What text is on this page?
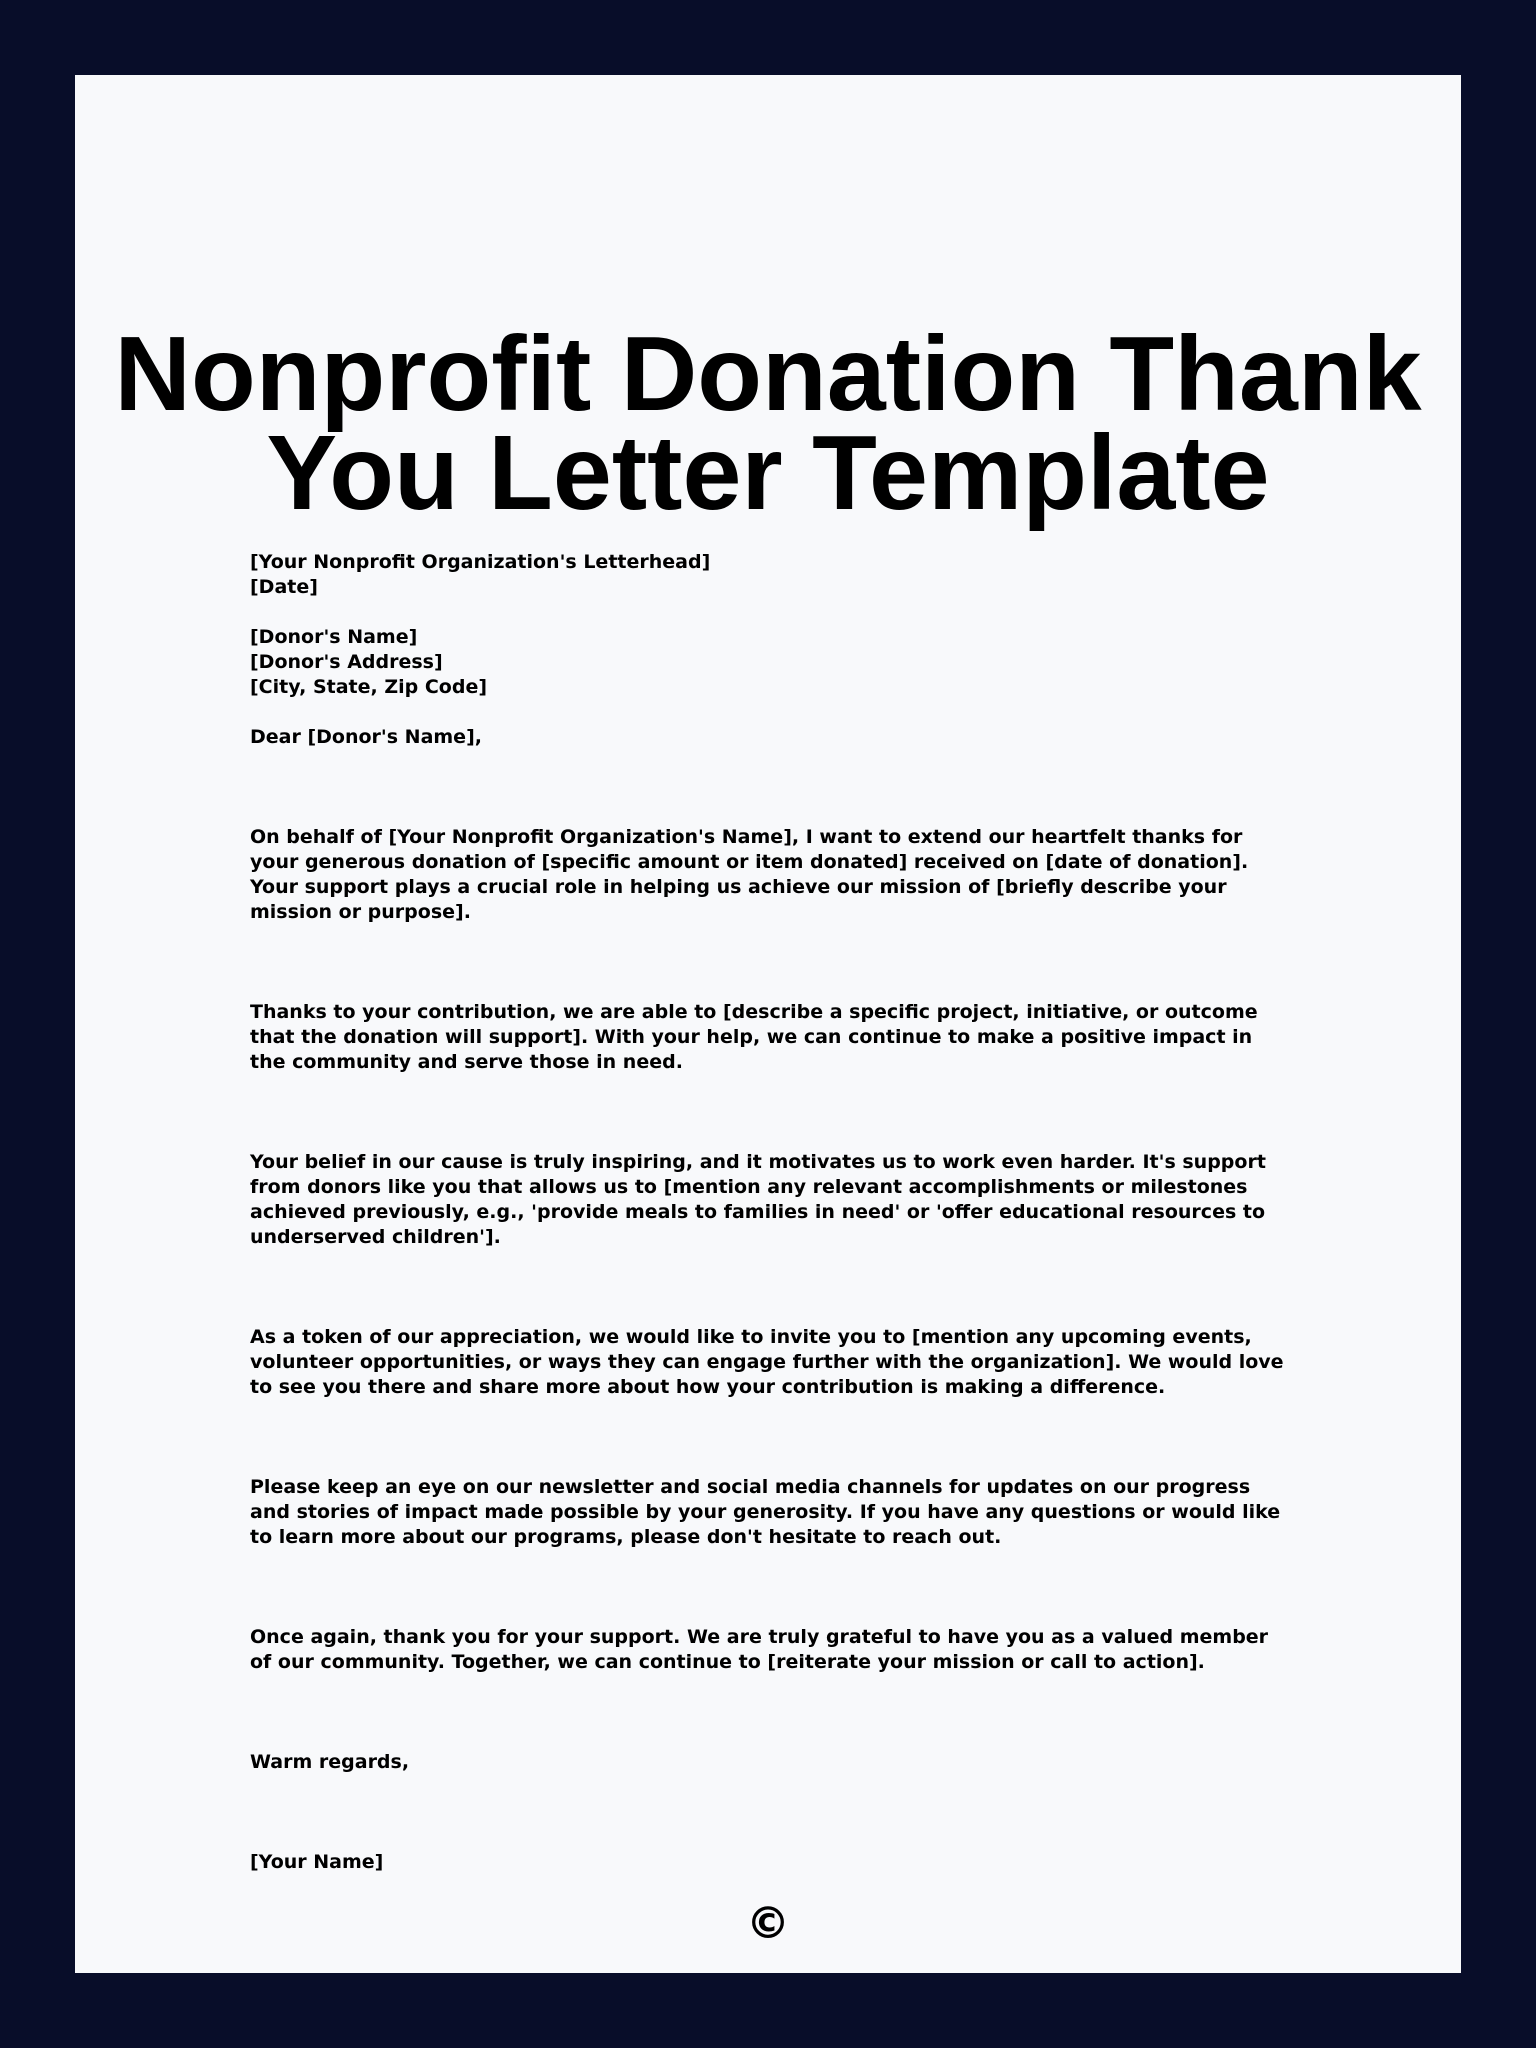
Nonprofit Donation Thank You Letter Template
[Your Nonprofit Organization's Letterhead]
[Date]
[Donor's Name]
[Donor's Address]
[City, State, Zip Code]
Dear [Donor's Name],

On behalf of [Your Nonprofit Organization's Name], I want to extend our heartfelt thanks for your generous donation of [specific amount or item donated] received on [date of donation]. Your support plays a crucial role in helping us achieve our mission of [briefly describe your mission or purpose].

Thanks to your contribution, we are able to [describe a specific project, initiative, or outcome that the donation will support]. With your help, we can continue to make a positive impact in the community and serve those in need.

Your belief in our cause is truly inspiring, and it motivates us to work even harder. It's support from donors like you that allows us to [mention any relevant accomplishments or milestones achieved previously, e.g., 'provide meals to families in need' or 'offer educational resources to underserved children'].

As a token of our appreciation, we would like to invite you to [mention any upcoming events, volunteer opportunities, or ways they can engage further with the organization]. We would love to see you there and share more about how your contribution is making a difference.

Please keep an eye on our newsletter and social media channels for updates on our progress and stories of impact made possible by your generosity. If you have any questions or would like to learn more about our programs, please don't hesitate to reach out.

Once again, thank you for your support. We are truly grateful to have you as a valued member of our community. Together, we can continue to [reiterate your mission or call to action].

Warm regards,
[Your Name]
©
